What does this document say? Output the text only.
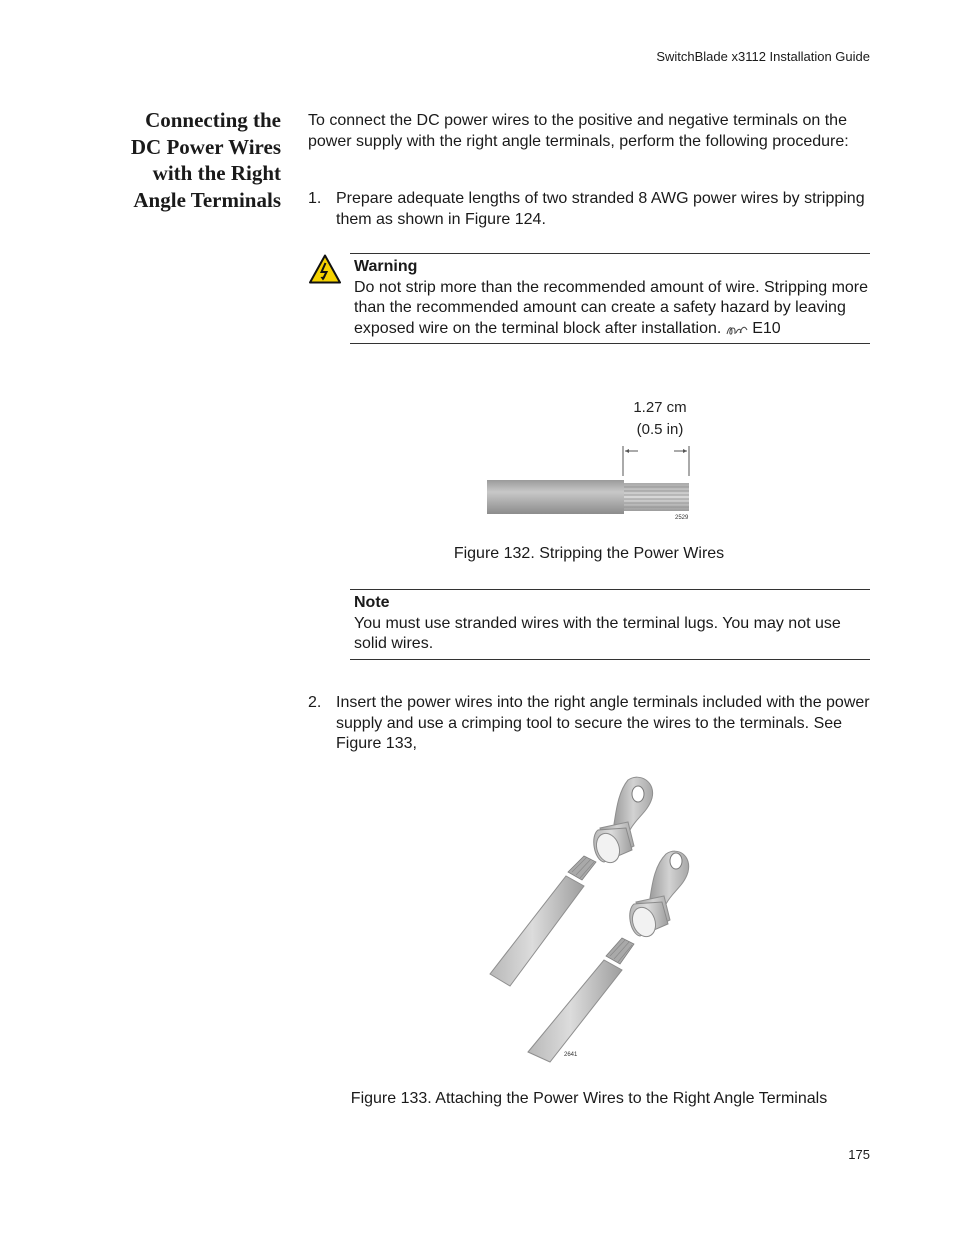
SwitchBlade x3112 Installation Guide
Connecting the
DC Power Wires
with the Right
Angle Terminals
To connect the DC power wires to the positive and negative terminals on the power supply with the right angle terminals, perform the following procedure:
1. Prepare adequate lengths of two stranded 8 AWG power wires by stripping them as shown in Figure 124.
Warning
Do not strip more than the recommended amount of wire. Stripping more than the recommended amount can create a safety hazard by leaving exposed wire on the terminal block after installation. E10
1.27 cm
(0.5 in)
2529
Figure 132. Stripping the Power Wires
Note
You must use stranded wires with the terminal lugs. You may not use solid wires.
2. Insert the power wires into the right angle terminals included with the power supply and use a crimping tool to secure the wires to the terminals. See Figure 133,
2641
Figure 133. Attaching the Power Wires to the Right Angle Terminals
175
